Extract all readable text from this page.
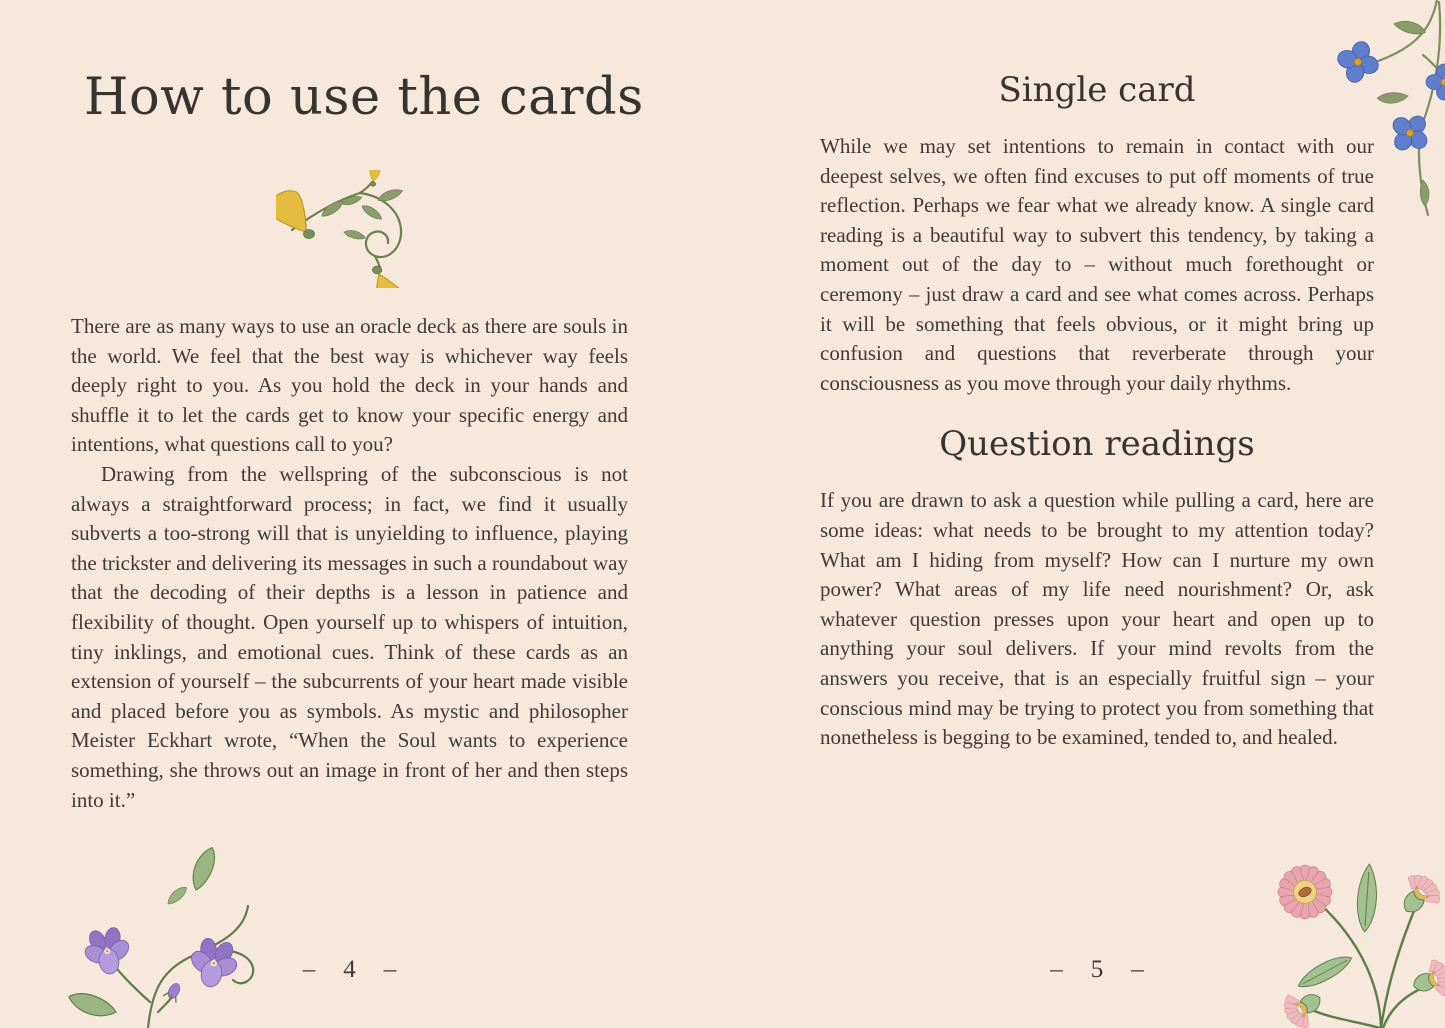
How to use the cards

There are as many ways to use an oracle deck as there are souls in the world. We feel that the best way is whichever way feels deeply right to you. As you hold the deck in your hands and shuffle it to let the cards get to know your specific energy and intentions, what questions call to you?

Drawing from the wellspring of the subconscious is not always a straightforward process; in fact, we find it usually subverts a too-strong will that is unyielding to influence, playing the trickster and delivering its messages in such a roundabout way that the decoding of their depths is a lesson in patience and flexibility of thought. Open yourself up to whispers of intuition, tiny inklings, and emotional cues. Think of these cards as an extension of yourself – the subcurrents of your heart made visible and placed before you as symbols. As mystic and philosopher Meister Eckhart wrote, “When the Soul wants to experience something, she throws out an image in front of her and then steps into it.”

– 4 –
Single card

While we may set intentions to remain in contact with our deepest selves, we often find excuses to put off moments of true reflection. Perhaps we fear what we already know. A single card reading is a beautiful way to subvert this tendency, by taking a moment out of the day to – without much forethought or ceremony – just draw a card and see what comes across. Perhaps it will be something that feels obvious, or it might bring up confusion and questions that reverberate through your consciousness as you move through your daily rhythms.

Question readings

If you are drawn to ask a question while pulling a card, here are some ideas: what needs to be brought to my attention today? What am I hiding from myself? How can I nurture my own power? What areas of my life need nourishment? Or, ask whatever question presses upon your heart and open up to anything your soul delivers. If your mind revolts from the answers you receive, that is an especially fruitful sign – your conscious mind may be trying to protect you from something that nonetheless is begging to be examined, tended to, and healed.

– 5 –
